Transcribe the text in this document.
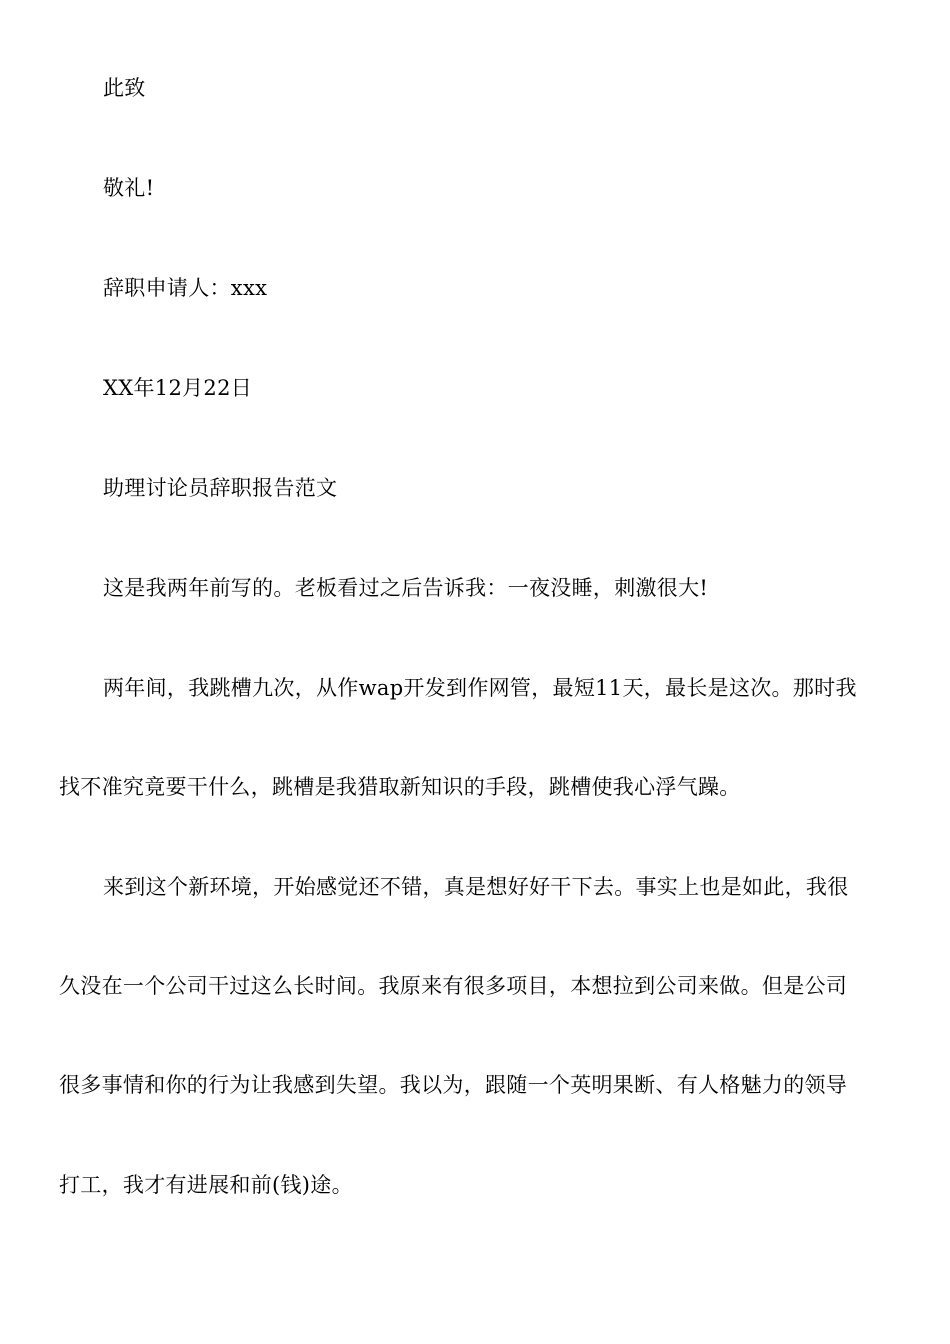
此致
敬礼!
辞职申请人：xxx
XX年12月22日
助理讨论员辞职报告范文
这是我两年前写的。老板看过之后告诉我：一夜没睡，刺激很大!
两年间，我跳槽九次，从作wap开发到作网管，最短11天，最长是这次。那时我
找不准究竟要干什么，跳槽是我猎取新知识的手段，跳槽使我心浮气躁。
来到这个新环境，开始感觉还不错，真是想好好干下去。事实上也是如此，我很
久没在一个公司干过这么长时间。我原来有很多项目，本想拉到公司来做。但是公司
很多事情和你的行为让我感到失望。我以为，跟随一个英明果断、有人格魅力的领导
打工，我才有进展和前(钱)途。
